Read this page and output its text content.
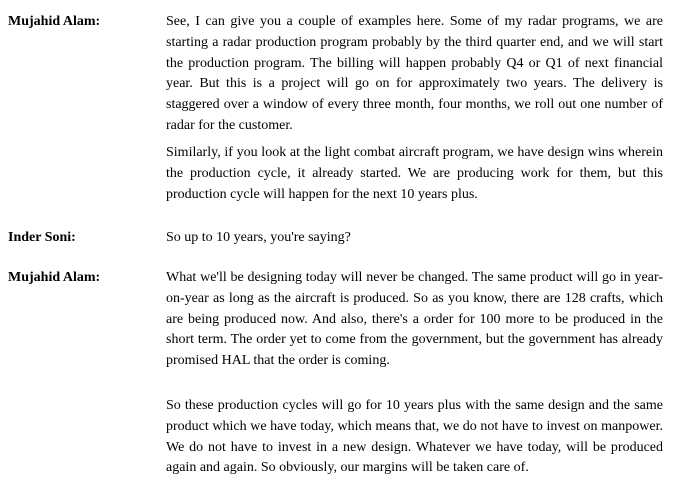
Mujahid Alam:	See, I can give you a couple of examples here. Some of my radar programs, we are starting a radar production program probably by the third quarter end, and we will start the production program. The billing will happen probably Q4 or Q1 of next financial year. But this is a project will go on for approximately two years. The delivery is staggered over a window of every three month, four months, we roll out one number of radar for the customer.

Similarly, if you look at the light combat aircraft program, we have design wins wherein the production cycle, it already started. We are producing work for them, but this production cycle will happen for the next 10 years plus.

Inder Soni:	So up to 10 years, you're saying?

Mujahid Alam:	What we'll be designing today will never be changed. The same product will go in year-on-year as long as the aircraft is produced. So as you know, there are 128 crafts, which are being produced now. And also, there's a order for 100 more to be produced in the short term. The order yet to come from the government, but the government has already promised HAL that the order is coming.

So these production cycles will go for 10 years plus with the same design and the same product which we have today, which means that, we do not have to invest on manpower. We do not have to invest in a new design. Whatever we have today, will be produced again and again. So obviously, our margins will be taken care of.
